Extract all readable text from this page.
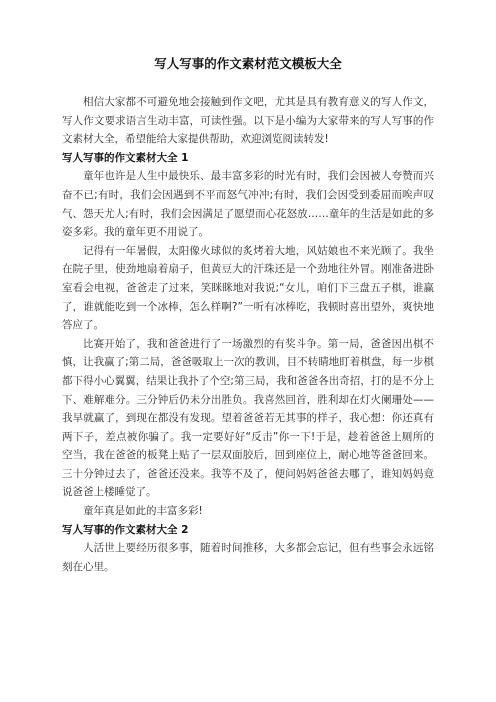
写人写事的作文素材范文模板大全

相信大家都不可避免地会接触到作文吧，尤其是具有教育意义的写人作文，写人作文要求语言生动丰富，可读性强。以下是小编为大家带来的写人写事的作文素材大全，希望能给大家提供帮助，欢迎浏览阅读转发!

写人写事的作文素材大全 1

童年也许是人生中最快乐、最丰富多彩的时光有时，我们会因被人夸赞而兴奋不已;有时，我们会因遇到不平而怒气冲冲;有时，我们会因受到委屈而唉声叹气、怨天尤人;有时，我们会因满足了愿望而心花怒放……童年的生活是如此的多姿多彩。我的童年更不用说了。

记得有一年暑假，太阳像火球似的炙烤着大地，风姑娘也不来光顾了。我坐在院子里，使劲地扇着扇子，但黄豆大的汗珠还是一个劲地往外冒。刚准备进卧室看会电视，爸爸走了过来，笑眯眯地对我说;“女儿，咱们下三盘五子棋，谁赢了，谁就能吃到一个冰棒，怎么样啊?”一听有冰棒吃，我顿时喜出望外，爽快地答应了。

比赛开始了，我和爸爸进行了一场激烈的有奖斗争。第一局，爸爸因出棋不慎，让我赢了;第二局，爸爸吸取上一次的教训，目不转睛地盯着棋盘，每一步棋都下得小心翼翼，结果让我扑了个空;第三局，我和爸爸各出奇招，打的是不分上下、难解难分。三分钟后仍未分出胜负。我喜然回首，胜利却在灯火阑珊处——我早就赢了，到现在都没有发现。望着爸爸若无其事的样子，我心想：你还真有两下子，差点被你骗了。我一定要好好“反击”你一下!于是，趁着爸爸上厕所的空当，我在爸爸的板凳上贴了一层双面胶后，回到座位上，耐心地等爸爸回来。三十分钟过去了，爸爸还没来。我等不及了，便问妈妈爸爸去哪了，谁知妈妈竟说爸爸上楼睡觉了。

童年真是如此的丰富多彩!

写人写事的作文素材大全 2

人活世上要经历很多事，随着时间推移，大多都会忘记，但有些事会永远铭刻在心里。
